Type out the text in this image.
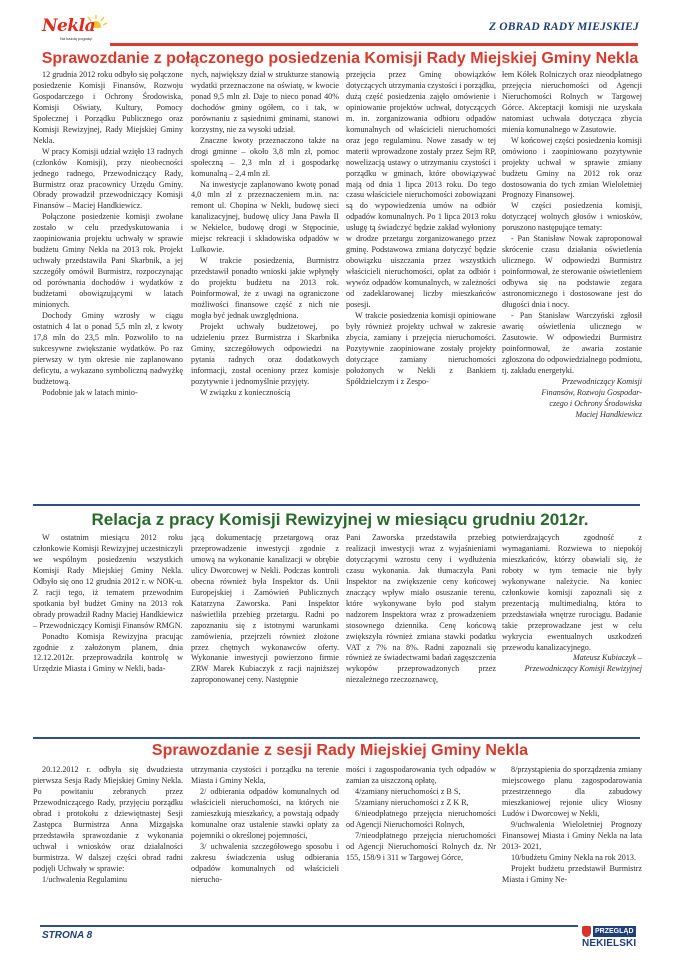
Nekla
Na każdą pogodę!
Z OBRAD RADY MIEJSKIEJ
Sprawozdanie z połączonego posiedzenia Komisji Rady Miejskiej Gminy Nekla

12 grudnia 2012 roku odbyło się połączone posiedzenie Komisji Finansów, Rozwoju Gospodarczego i Ochrony Środowiska, Komisji Oświaty, Kultury, Pomocy Społecznej i Porządku Publicznego oraz Komisji Rewizyjnej, Rady Miejskiej Gminy Nekla.

W pracy Komisji udział wzięło 13 radnych (członków Komisji), przy nieobecności jednego radnego, Przewodniczący Rady, Burmistrz oraz pracownicy Urzędu Gminy. Obrady prowadził przewodniczący Komisji Finansów – Maciej Handkiewicz.

Połączone posiedzenie komisji zwołane zostało w celu przedyskutowania i zaopiniowania projektu uchwały w sprawie budżetu Gminy Nekla na 2013 rok. Projekt uchwały przedstawiła Pani Skarbnik, a jej szczegóły omówił Burmistrz, rozpoczynając od porównania dochodów i wydatków z budżetami obowiązującymi w latach minionych.

Dochody Gminy wzrosły w ciągu ostatnich 4 lat o ponad 5,5 mln zł, z kwoty 17,8 mln do 23,5 mln. Pozwoliło to na sukcesywne zwiększanie wydatków. Po raz pierwszy w tym okresie nie zaplanowano deficytu, a wykazano symboliczną nadwyżkę budżetową.

Podobnie jak w latach minio-

nych, największy dział w strukturze stanowią wydatki przeznaczone na oświatę, w kwocie ponad 9,5 mln zł. Daje to nieco ponad 40% dochodów gminy ogółem, co i tak, w porównaniu z sąsiednimi gminami, stanowi korzystny, nie za wysoki udział.

Znaczne kwoty przeznaczono także na drogi gminne – około 3,8 mln zł, pomoc społeczną – 2,3 mln zł i gospodarkę komunalną – 2,4 mln zł.

Na inwestycje zaplanowano kwotę ponad 4,0 mln zł z przeznaczeniem m.in. na: remont ul. Chopina w Nekli, budowę sieci kanalizacyjnej, budowę ulicy Jana Pawła II w Nekielce, budowę drogi w Stępocinie, miejsc rekreacji i składowiska odpadów w Lulkowie.

W trakcie posiedzenia, Burmistrz przedstawił ponadto wnioski jakie wpłynęły do projektu budżetu na 2013 rok. Poinformował, że z uwagi na ograniczone możliwości finansowe część z nich nie mogła być jednak uwzględniona.

Projekt uchwały budżetowej, po udzieleniu przez Burmistrza i Skarbnika Gminy, szczegółowych odpowiedzi na pytania radnych oraz dodatkowych informacji, został oceniony przez komisje pozytywnie i jednomyślnie przyjęty.

W związku z koniecznością

przejęcia przez Gminę obowiązków dotyczących utrzymania czystości i porządku, dużą część posiedzenia zajęło omówienie i opiniowanie projektów uchwał, dotyczących m. in. zorganizowania odbioru odpadów komunalnych od właścicieli nieruchomości oraz jego regulaminu. Nowe zasady w tej materii wprowadzone zostały przez Sejm RP, nowelizacją ustawy o utrzymaniu czystości i porządku w gminach, które obowiązywać mają od dnia 1 lipca 2013 roku. Do tego czasu właściciele nieruchomości zobowiązani są do wypowiedzenia umów na odbiór odpadów komunalnych. Po 1 lipca 2013 roku usługę tą świadczyć będzie zakład wyłoniony w drodze przetargu zorganizowanego przez gminę. Podstawowa zmiana dotyczyć będzie obowiązku uiszczania przez wszystkich właścicieli nieruchomości, opłat za odbiór i wywóz odpadów komunalnych, w zależności od zadeklarowanej liczby mieszkańców posesji.

W trakcie posiedzenia komisji opiniowane były również projekty uchwał w zakresie zbycia, zamiany i przejęcia nieruchomości. Pozytywnie zaopiniowane zostały projekty dotyczące zamiany nieruchomości położonych w Nekli z Bankiem Spółdzielczym i z Zespo-

łem Kółek Rolniczych oraz nieodpłatnego przejęcia nieruchomości od Agencji Nieruchomości Rolnych w Targowej Górce. Akceptacji komisji nie uzyskała natomiast uchwała dotycząca zbycia mienia komunalnego w Zasutowie.

W końcowej części posiedzenia komisji omówiono i zaopiniowano pozytywnie projekty uchwał w sprawie zmiany budżetu Gminy na 2012 rok oraz dostosowania do tych zmian Wieloletniej Prognozy Finansowej.

W części posiedzenia komisji, dotyczącej wolnych głosów i wniosków, poruszono następujące tematy:

- Pan Stanisław Nowak zaproponował skrócenie czasu działania oświetlenia ulicznego. W odpowiedzi Burmistrz poinformował, że sterowanie oświetleniem odbywa się na podstawie zegara astronomicznego i dostosowane jest do długości dnia i nocy.

- Pan Stanisław Warczyński zgłosił awarię oświetlenia ulicznego w Zasutowie. W odpowiedzi Burmistrz poinformował, że awaria zostanie zgłoszona do odpowiedzialnego podmiotu, tj. zakładu energetyki.

Przewodniczący Komisji

Finansów, Rozwoju Gospodar-

czego i Ochrony Środowiska

Maciej Handkiewicz

Relacja z pracy Komisji Rewizyjnej w miesiącu grudniu 2012r.

W ostatnim miesiącu 2012 roku członkowie Komisji Rewizyjnej uczestniczyli we wspólnym posiedzeniu wszystkich Komisji Rady Miejskiej Gminy Nekla. Odbyło się ono 12 grudnia 2012 r. w NOK-u. Z racji tego, iż tematem przewodnim spotkania był budżet Gminy na 2013 rok obrady prowadził Radny Maciej Handkiewicz – Przewodniczący Komisji Finansów RMGN.

Ponadto Komisja Rewizyjna pracując zgodnie z założonym planem, dnia 12.12.2012r. przeprowadziła kontrolę w Urzędzie Miasta i Gminy w Nekli, bada-

jącą dokumentację przetargową oraz przeprowadzenie inwestycji zgodnie z umową na wykonanie kanalizacji w obrębie ulicy Dworcowej w Nekli. Podczas kontroli obecna również była Inspektor ds. Unii Europejskiej i Zamówień Publicznych Katarzyna Zaworska. Pani Inspektor naświetliła przebieg przetargu. Radni po zapoznaniu się z istotnymi warunkami zamówienia, przejrzeli również złożone przez chętnych wykonawców oferty. Wykonanie inwestycji powierzono firmie ZRW Marek Kubiaczyk z racji najniższej zaproponowanej ceny. Następnie

Pani Zaworska przedstawiła przebieg realizacji inwestycji wraz z wyjaśnieniami dotyczącymi wzrostu ceny i wydłużenia czasu wykonania. Jak tłumaczyła Pani Inspektor na zwiększenie ceny końcowej znaczący wpływ miało osuszanie terenu, które wykonywane było pod stałym nadzorem Inspektora wraz z prowadzeniem stosownego dziennika. Cenę końcową zwiększyła również zmiana stawki podatku VAT z 7% na 8%. Radni zapoznali się również ze świadectwami badań zagęszczenia wykopów przeprowadzonych przez niezależnego rzeczoznawcę,

potwierdzających zgodność z wymaganiami. Rozwiewa to niepokój mieszkańców, którzy obawiali się, że roboty w tym temacie nie były wykonywane należycie. Na koniec członkowie komisji zapoznali się z prezentacją multimedialną, która to przedstawiała wnętrze rurociągu. Badanie takie przeprowadzane jest w celu wykrycia ewentualnych uszkodzeń przewodu kanalizacyjnego.

Mateusz Kubiaczyk –

Przewodniczący Komisji Rewizyjnej

Sprawozdanie z sesji Rady Miejskiej Gminy Nekla

20.12.2012 r. odbyła się dwudziesta pierwsza Sesja Rady Miejskiej Gminy Nekla. Po powitaniu zebranych przez Przewodniczącego Rady, przyjęciu porządku obrad i protokołu z dziewiętnastej Sesji Zastępca Burmistrza Anna Mizgajska przedstawiła sprawozdanie z wykonania uchwał i wniosków oraz działalności burmistrza. W dalszej części obrad radni podjęli Uchwały w sprawie:

1/uchwalenia Regulaminu

utrzymania czystości i porządku na terenie Miasta i Gminy Nekla,

2/ odbierania odpadów komunalnych od właścicieli nieruchomości, na których nie zamieszkują mieszkańcy, a powstają odpady komunalne oraz ustalenie stawki opłaty za pojemniki o określonej pojemności,

3/ uchwalenia szczegółowego sposobu i zakresu świadczenia usług odbierania odpadów komunalnych od właścicieli nierucho-

mości i zagospodarowania tych odpadów w zamian za uiszczoną opłatę,

4/zamiany nieruchomości z B S,

5/zamiany nieruchomości z Z K R,

6/nieodpłatnego przejęcia nieruchomości od Agencji Nieruchomości Rolnych,

7/nieodpłatnego przejęcia nieruchomości od Agencji Nieruchomości Rolnych dz. Nr 155, 158/9 i 311 w Targowej Górce,

8/przystąpienia do sporządzenia zmiany miejscowego planu zagospodarowania przestrzennego dla zabudowy mieszkaniowej rejonie ulicy Wiosny Ludów i Dworcowej w Nekli,

9/uchwalenia Wieloletniej Prognozy Finansowej Miasta i Gminy Nekla na lata 2013- 2021,

10/budżetu Gminy Nekla na rok 2013.

Projekt budżetu przedstawił Burmistrz Miasta i Gminy Ne-

STRONA 8	PRZEGLĄD
NEKIELSKI
